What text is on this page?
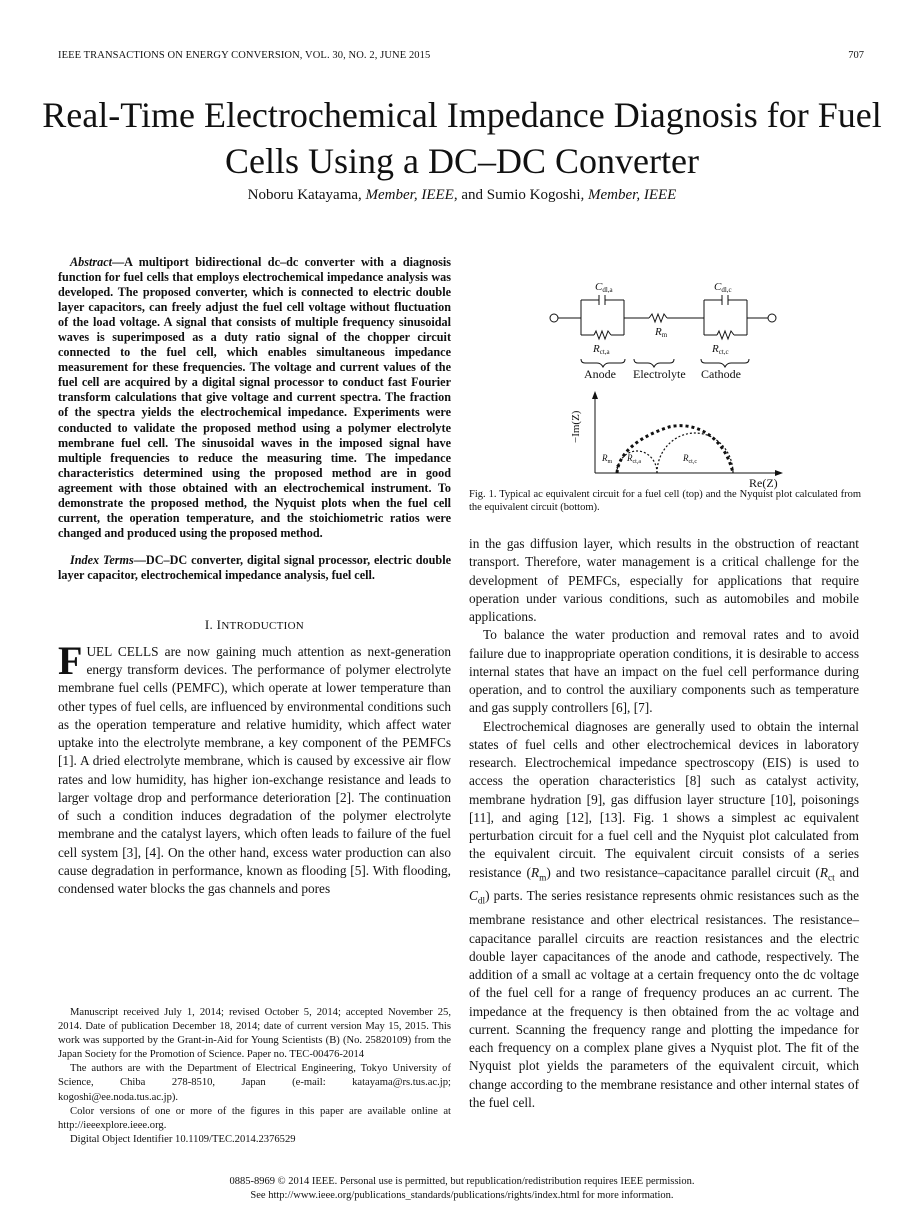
IEEE TRANSACTIONS ON ENERGY CONVERSION, VOL. 30, NO. 2, JUNE 2015	707
Real-Time Electrochemical Impedance Diagnosis for Fuel Cells Using a DC–DC Converter
Noboru Katayama, Member, IEEE, and Sumio Kogoshi, Member, IEEE

Abstract—A multiport bidirectional dc–dc converter with a diagnosis function for fuel cells that employs electrochemical impedance analysis was developed. The proposed converter, which is connected to electric double layer capacitors, can freely adjust the fuel cell voltage without fluctuation of the load voltage. A signal that consists of multiple frequency sinusoidal waves is superimposed as a duty ratio signal of the chopper circuit connected to the fuel cell, which enables simultaneous impedance measurement for these frequencies. The voltage and current values of the fuel cell are acquired by a digital signal processor to conduct fast Fourier transform calculations that give voltage and current spectra. The fraction of the spectra yields the electrochemical impedance. Experiments were conducted to validate the proposed method using a polymer electrolyte membrane fuel cell. The sinusoidal waves in the imposed signal have multiple frequencies to reduce the measuring time. The impedance characteristics determined using the proposed method are in good agreement with those obtained with an electrochemical instrument. To demonstrate the proposed method, the Nyquist plots when the fuel cell current, the operation temperature, and the stoichiometric ratios were changed and produced using the proposed method.

Index Terms—DC–DC converter, digital signal processor, electric double layer capacitor, electrochemical impedance analysis, fuel cell.

I. INTRODUCTION

FUEL CELLS are now gaining much attention as next-generation energy transform devices. The performance of polymer electrolyte membrane fuel cells (PEMFC), which operate at lower temperature than other types of fuel cells, are influenced by environmental conditions such as the operation temperature and relative humidity, which affect water uptake into the electrolyte membrane, a key component of the PEMFCs [1]. A dried electrolyte membrane, which is caused by excessive air flow rates and low humidity, has higher ion-exchange resistance and leads to larger voltage drop and performance deterioration [2]. The continuation of such a condition induces degradation of the polymer electrolyte membrane and the catalyst layers, which often leads to failure of the fuel cell system [3], [4]. On the other hand, excess water production can also cause degradation in performance, known as flooding [5]. With flooding, condensed water blocks the gas channels and pores

Manuscript received July 1, 2014; revised October 5, 2014; accepted November 25, 2014. Date of publication December 18, 2014; date of current version May 15, 2015. This work was supported by the Grant-in-Aid for Young Scientists (B) (No. 25820109) from the Japan Society for the Promotion of Science. Paper no. TEC-00476-2014

The authors are with the Department of Electrical Engineering, Tokyo University of Science, Chiba 278-8510, Japan (e-mail: katayama@rs.tus.ac.jp; kogoshi@ee.noda.tus.ac.jp).

Color versions of one or more of the figures in this paper are available online at http://ieeexplore.ieee.org.

Digital Object Identifier 10.1109/TEC.2014.2376529

Cdl,a	Cdl,c
Rm
Rct,a	Rct,c
Anode Electrolyte Cathode
−Im(Z)
Re(Z)
$R_m$ $R_{ct,a}$	$R_{ct,c}$
Fig. 1. Typical ac equivalent circuit for a fuel cell (top) and the Nyquist plot calculated from the equivalent circuit (bottom).

in the gas diffusion layer, which results in the obstruction of reactant transport. Therefore, water management is a critical challenge for the development of PEMFCs, especially for applications that require operation under various conditions, such as automobiles and mobile applications.

To balance the water production and removal rates and to avoid failure due to inappropriate operation conditions, it is desirable to access internal states that have an impact on the fuel cell performance during operation, and to control the auxiliary components such as temperature and gas supply controllers [6], [7].

Electrochemical diagnoses are generally used to obtain the internal states of fuel cells and other electrochemical devices in laboratory research. Electrochemical impedance spectroscopy (EIS) is used to access the operation characteristics [8] such as catalyst activity, membrane hydration [9], gas diffusion layer structure [10], poisonings [11], and aging [12], [13]. Fig. 1 shows a simplest ac equivalent perturbation circuit for a fuel cell and the Nyquist plot calculated from the equivalent circuit. The equivalent circuit consists of a series resistance $(R_m)$ and two resistance–capacitance parallel circuit ($R_{ct}$ and $C_{dl}$) parts. The series resistance represents ohmic resistances such as the membrane resistance and other electrical resistances. The resistance–capacitance parallel circuits are reaction resistances and the electric double layer capacitances of the anode and cathode, respectively. The addition of a small ac voltage at a certain frequency onto the dc voltage of the fuel cell for a range of frequency produces an ac current. The impedance at the frequency is then obtained from the ac voltage and current. Scanning the frequency range and plotting the impedance for each frequency on a complex plane gives a Nyquist plot. The fit of the Nyquist plot yields the parameters of the equivalent circuit, which change according to the membrane resistance and other internal states of the fuel cell.

0885-8969 © 2014 IEEE. Personal use is permitted, but republication/redistribution requires IEEE permission.
See http://www.ieee.org/publications_standards/publications/rights/index.html for more information.
